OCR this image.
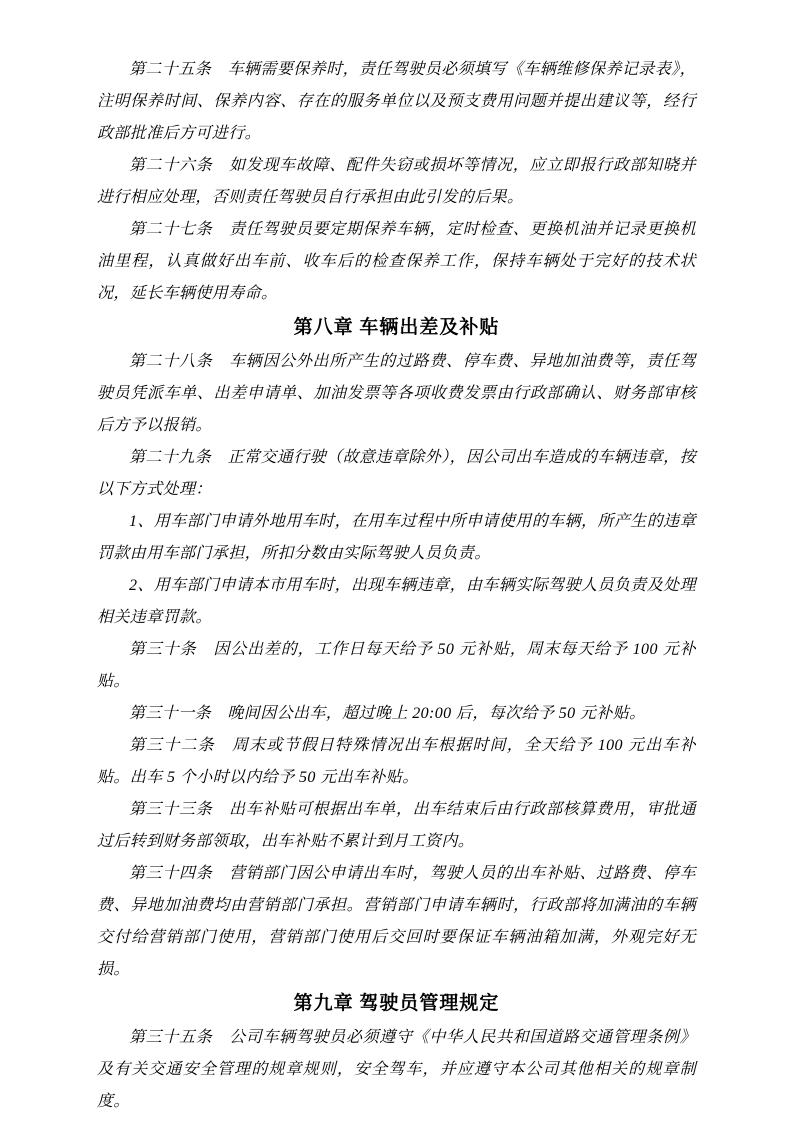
第二十五条　车辆需要保养时，责任驾驶员必须填写《车辆维修保养记录表》，注明保养时间、保养内容、存在的服务单位以及预支费用问题并提出建议等，经行政部批准后方可进行。

第二十六条　如发现车故障、配件失窃或损坏等情况，应立即报行政部知晓并进行相应处理，否则责任驾驶员自行承担由此引发的后果。

第二十七条　责任驾驶员要定期保养车辆，定时检查、更换机油并记录更换机油里程，认真做好出车前、收车后的检查保养工作，保持车辆处于完好的技术状况，延长车辆使用寿命。

第八章 车辆出差及补贴

第二十八条　车辆因公外出所产生的过路费、停车费、异地加油费等，责任驾驶员凭派车单、出差申请单、加油发票等各项收费发票由行政部确认、财务部审核后方予以报销。

第二十九条　正常交通行驶（故意违章除外），因公司出车造成的车辆违章，按以下方式处理：

1、用车部门申请外地用车时，在用车过程中所申请使用的车辆，所产生的违章罚款由用车部门承担，所扣分数由实际驾驶人员负责。

2、用车部门申请本市用车时，出现车辆违章，由车辆实际驾驶人员负责及处理相关违章罚款。

第三十条　因公出差的，工作日每天给予 50 元补贴，周末每天给予 100 元补贴。

第三十一条　晚间因公出车，超过晚上 20:00 后，每次给予 50 元补贴。

第三十二条　周末或节假日特殊情况出车根据时间，全天给予 100 元出车补贴。出车 5 个小时以内给予 50 元出车补贴。

第三十三条　出车补贴可根据出车单，出车结束后由行政部核算费用，审批通过后转到财务部领取，出车补贴不累计到月工资内。

第三十四条　营销部门因公申请出车时，驾驶人员的出车补贴、过路费、停车费、异地加油费均由营销部门承担。营销部门申请车辆时，行政部将加满油的车辆交付给营销部门使用，营销部门使用后交回时要保证车辆油箱加满，外观完好无损。

第九章 驾驶员管理规定

第三十五条　公司车辆驾驶员必须遵守《中华人民共和国道路交通管理条例》及有关交通安全管理的规章规则，安全驾车，并应遵守本公司其他相关的规章制度。
